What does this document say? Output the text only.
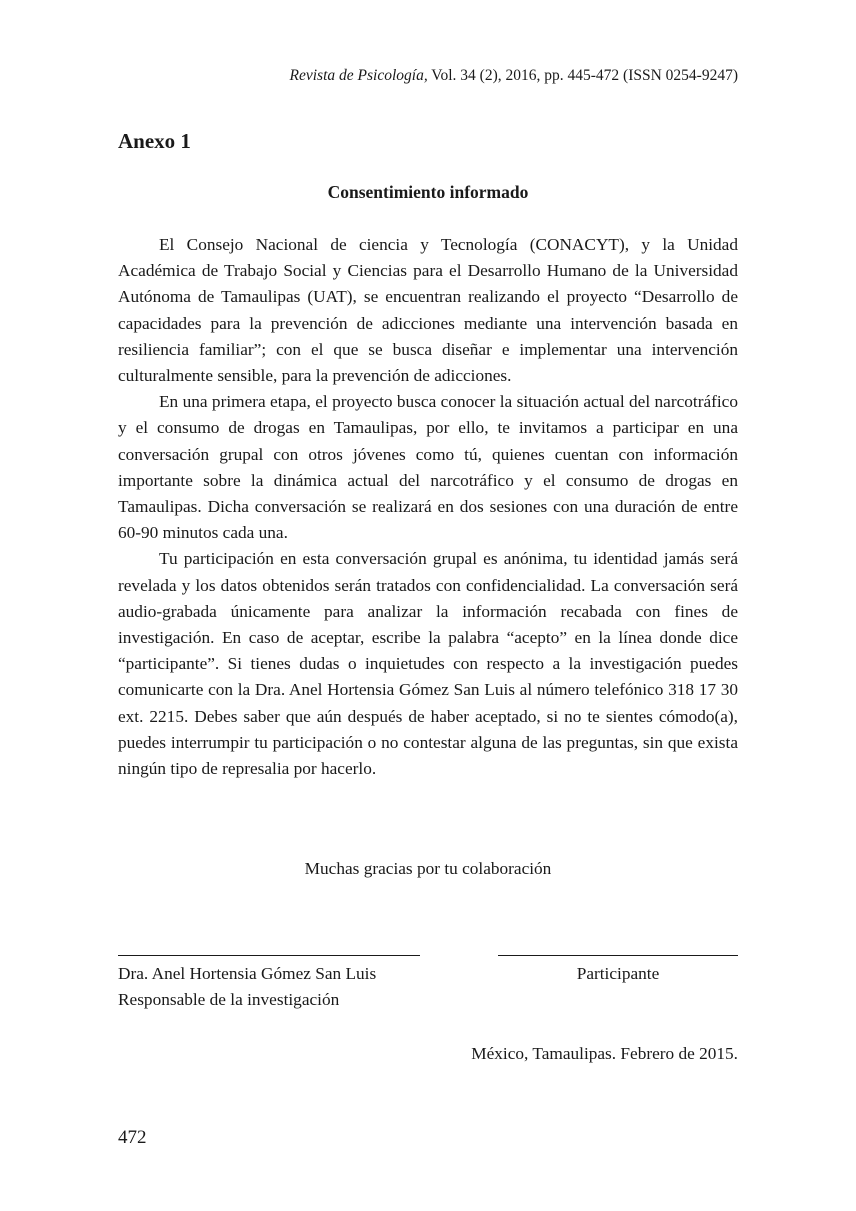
Revista de Psicología, Vol. 34 (2), 2016, pp. 445-472 (ISSN 0254-9247)
Anexo 1
Consentimiento informado

El Consejo Nacional de ciencia y Tecnología (CONACYT), y la Unidad Académica de Trabajo Social y Ciencias para el Desarrollo Humano de la Universidad Autónoma de Tamaulipas (UAT), se encuentran realizando el proyecto “Desarrollo de capacidades para la prevención de adicciones mediante una intervención basada en resiliencia familiar”; con el que se busca diseñar e implementar una intervención culturalmente sensible, para la prevención de adicciones.

En una primera etapa, el proyecto busca conocer la situación actual del narcotráfico y el consumo de drogas en Tamaulipas, por ello, te invitamos a participar en una conversación grupal con otros jóvenes como tú, quienes cuentan con información importante sobre la dinámica actual del narcotráfico y el consumo de drogas en Tamaulipas. Dicha conversación se realizará en dos sesiones con una duración de entre 60-90 minutos cada una.

Tu participación en esta conversación grupal es anónima, tu identidad jamás será revelada y los datos obtenidos serán tratados con confidencialidad. La conversación será audio-grabada únicamente para analizar la información recabada con fines de investigación. En caso de aceptar, escribe la palabra “acepto” en la línea donde dice “participante”. Si tienes dudas o inquietudes con respecto a la investigación puedes comunicarte con la Dra. Anel Hortensia Gómez San Luis al número telefónico 318 17 30 ext. 2215. Debes saber que aún después de haber aceptado, si no te sientes cómodo(a), puedes interrumpir tu participación o no contestar alguna de las preguntas, sin que exista ningún tipo de represalia por hacerlo.

Muchas gracias por tu colaboración
Dra. Anel Hortensia Gómez San Luis
Responsable de la investigación
Participante
México, Tamaulipas. Febrero de 2015.
472
